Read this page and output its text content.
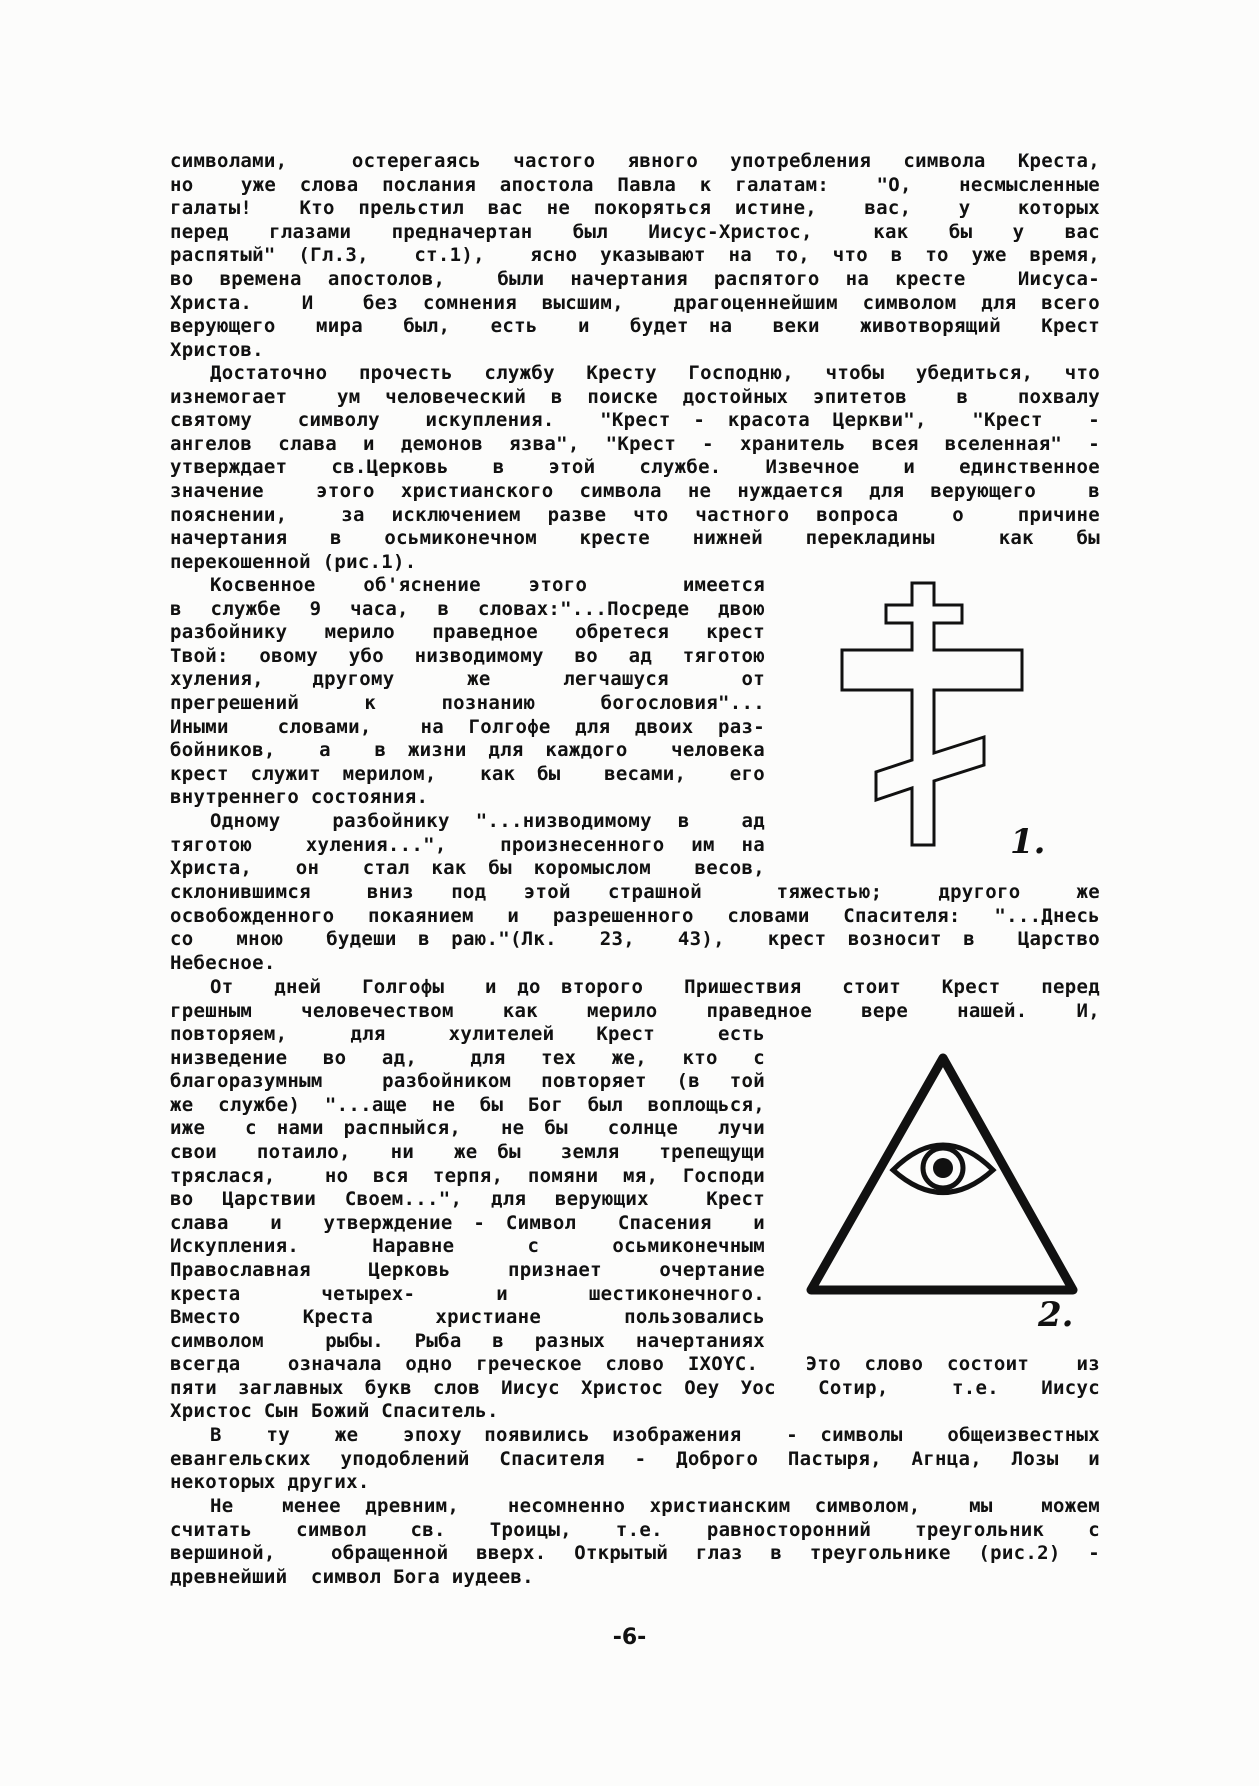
символами,  остерегаясь частого явного употребления символа Креста,
но  уже слова послания апостола Павла к галатам:  "О,  несмысленные
галаты!  Кто прельстил вас не покоряться истине,  вас,  у  которых
перед  глазами  предначертан  был  Иисус-Христос,   как  бы  у  вас
распятый" (Гл.3,  ст.1),  ясно указывают на то, что в то уже время,
во времена апостолов,  были начертания распятого на кресте  Иисуса-
Христа.  И  без сомнения высшим,  драгоценнейшим символом для всего
верующего  мира  был,  есть  и  будет на  веки  животворящий  Крест
Христов.
Достаточно прочесть службу Кресту Господню, чтобы убедиться, что
изнемогает  ум человеческий в поиске достойных эпитетов  в  похвалу
святому  символу  искупления.  "Крест - красота Церкви",  "Крест  -
ангелов слава и демонов язва", "Крест - хранитель всея вселенная" -
утверждает  св.Церковь  в  этой  службе.  Извечное  и  единственное
значение  этого христианского символа не нуждается для верующего  в
пояснении,  за исключением разве что частного вопроса  о  причине
начертания  в  осьмиконечном  кресте  нижней  перекладины   как  бы
перекошенной (рис.1).
Косвенное  об'яснение  этого    имеется
в службе 9 часа, в словах:"...Посреде двою
разбойнику мерило праведное обретеся крест
Твой: овому убо низводимому во ад тяготою
хуления,  другому   же   легчашуся   от
прегрешений   к   познанию   богословия"...
Иными  словами,  на Голгофе для двоих раз-
бойников,  а  в жизни для каждого  человека
крест служит мерилом,  как бы  весами,  его
внутреннего состояния.
Одному  разбойнику "...низводимому в  ад
тяготою  хуления...",  произнесенного им на
Христа,  он  стал как бы коромыслом  весов,
склонившимся   вниз  под  этой  страшной    тяжестью;   другого   же
освобожденного покаянием и разрешенного словами Спасителя: "...Днесь
со  мною  будеши в раю."(Лк.  23,  43),  крест возносит в  Царство
Небесное.
От  дней  Голгофы  и до второго  Пришествия  стоит  Крест  перед
грешным  человечеством  как  мерило  праведное  вере  нашей.  И,
повторяем,   для   хулителей  Крест   есть
низведение  во  ад,   для  тех  же,  кто  с
благоразумным  разбойником повторяет (в той
же службе) "...аще не бы Бог был воплощься,
иже  с нами распныйся,  не бы  солнце  лучи
свои  потаило,  ни  же бы  земля  трепещущи
тряслася,  но вся терпя, помяни мя, Господи
во Царствии Своем...", для верующих  Крест
слава  и  утверждение - Символ  Спасения  и
Искупления.   Наравне   с   осьмиконечным
Православная   Церковь   признает   очертание
креста четырех- и шестиконечного.
Вместо   Креста   христиане    пользовались
символом  рыбы. Рыба в разных начертаниях
всегда  означала одно греческое слово IXOYC.  Это слово состоит  из
пяти заглавных букв слов Иисус Христос Оеу Уос  Сотир,   т.е.  Иисус
Христос Сын Божий Спаситель.
В  ту  же  эпоху появились изображения  - символы  общеизвестных
евангельских уподоблений Спасителя - Доброго Пастыря, Агнца, Лозы и
некоторых других.
Не  менее древним,  несомненно христианским символом,  мы  можем
считать  символ  св.  Троицы,  т.е.  равносторонний  треугольник  с
вершиной,  обращенной вверх. Открытый глаз в треугольнике (рис.2) -
древнейший  символ Бога иудеев.
1.
2.
-6-
